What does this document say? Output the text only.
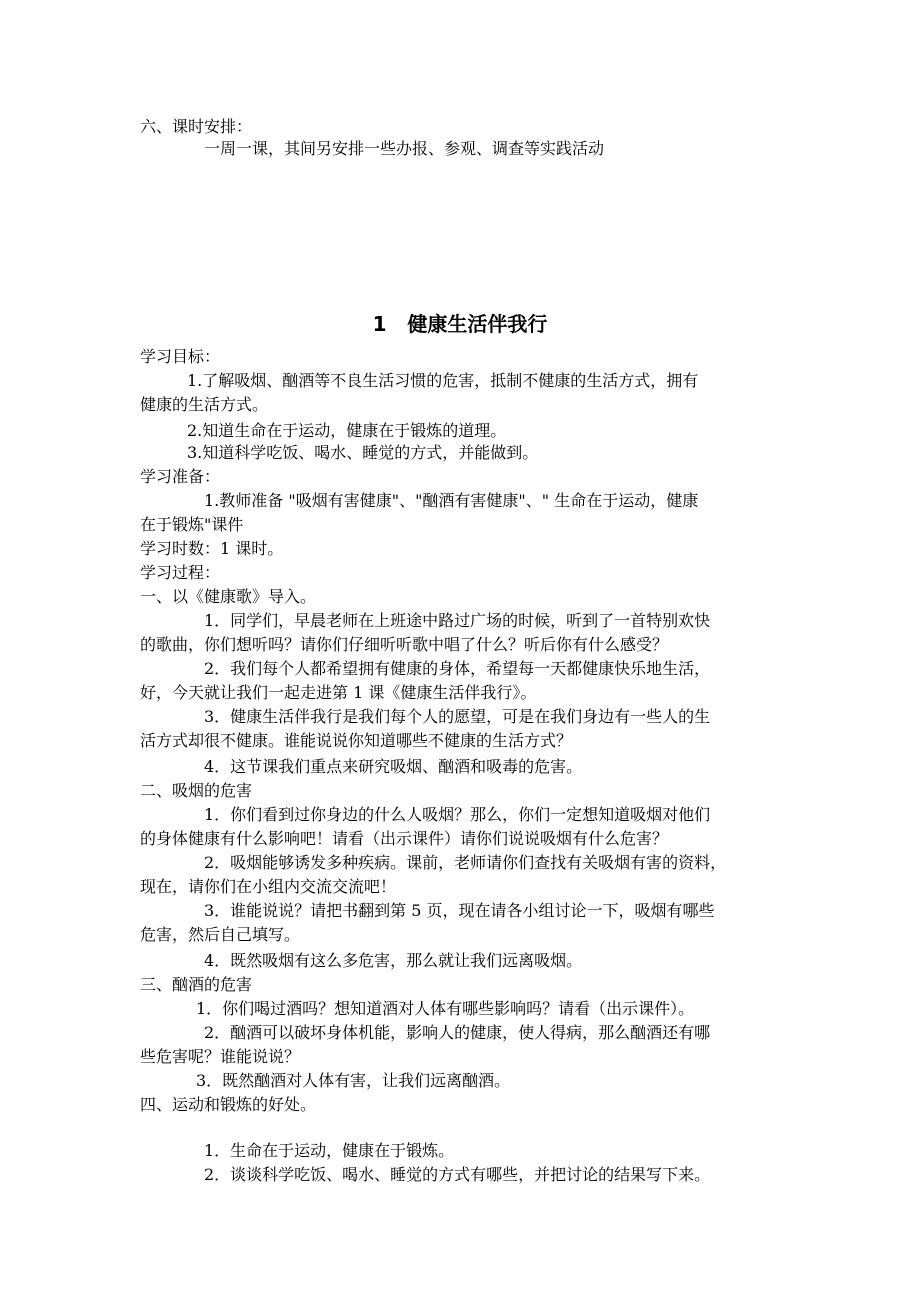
六、课时安排：

一周一课，其间另安排一些办报、参观、调查等实践活动

1   健康生活伴我行

学习目标：

1.了解吸烟、酗酒等不良生活习惯的危害，抵制不健康的生活方式，拥有

健康的生活方式。

2.知道生命在于运动，健康在于锻炼的道理。

3.知道科学吃饭、喝水、睡觉的方式，并能做到。

学习准备：

1.教师准备 "吸烟有害健康"、"酗酒有害健康"、" 生命在于运动，健康

在于锻炼"课件

学习时数：1 课时。

学习过程：

一、以《健康歌》导入。

1．同学们，早晨老师在上班途中路过广场的时候，听到了一首特别欢快

的歌曲，你们想听吗？请你们仔细听听歌中唱了什么？听后你有什么感受？

2．我们每个人都希望拥有健康的身体，希望每一天都健康快乐地生活，

好，今天就让我们一起走进第 1 课《健康生活伴我行》。

3．健康生活伴我行是我们每个人的愿望，可是在我们身边有一些人的生

活方式却很不健康。谁能说说你知道哪些不健康的生活方式？

4．这节课我们重点来研究吸烟、酗酒和吸毒的危害。

二、吸烟的危害

1．你们看到过你身边的什么人吸烟？那么，你们一定想知道吸烟对他们

的身体健康有什么影响吧！请看（出示课件）请你们说说吸烟有什么危害？

2．吸烟能够诱发多种疾病。课前，老师请你们查找有关吸烟有害的资料，

现在，请你们在小组内交流交流吧！

3．谁能说说？请把书翻到第 5 页，现在请各小组讨论一下，吸烟有哪些

危害，然后自己填写。

4．既然吸烟有这么多危害，那么就让我们远离吸烟。

三、酗酒的危害

1．你们喝过酒吗？想知道酒对人体有哪些影响吗？请看（出示课件）。

2．酗酒可以破坏身体机能，影响人的健康，使人得病，那么酗酒还有哪

些危害呢？谁能说说？

3．既然酗酒对人体有害，让我们远离酗酒。

四、运动和锻炼的好处。

1．生命在于运动，健康在于锻炼。

2．谈谈科学吃饭、喝水、睡觉的方式有哪些，并把讨论的结果写下来。
